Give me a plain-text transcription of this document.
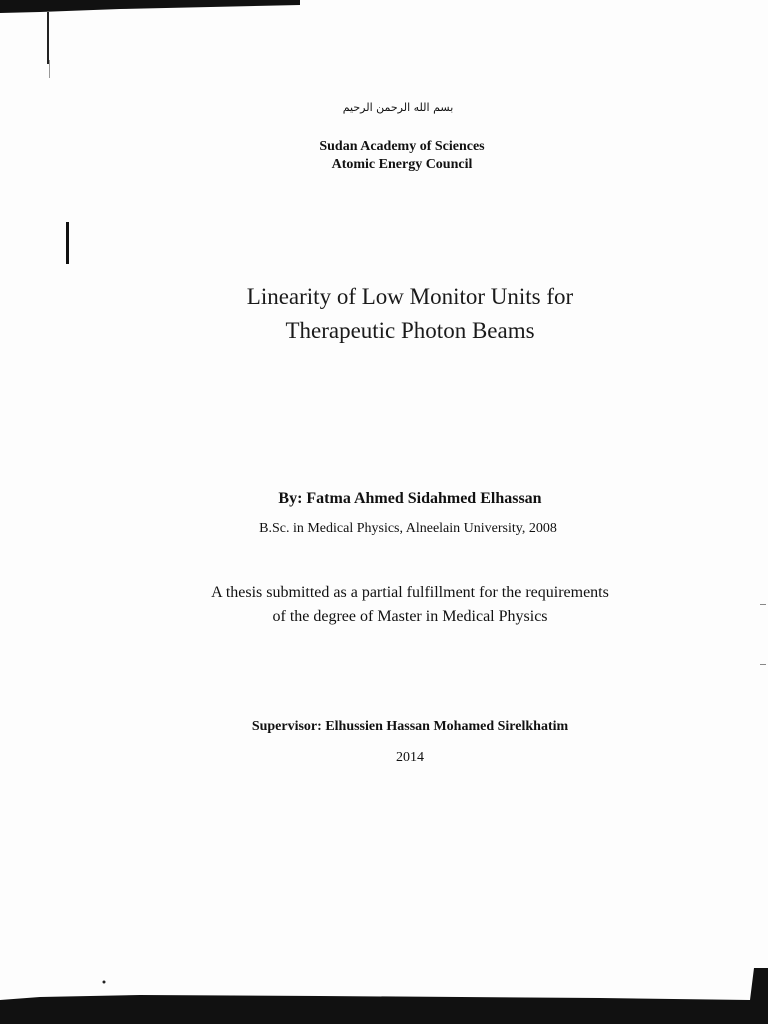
بسم الله الرحمن الرحيم
Sudan Academy of Sciences
Atomic Energy Council
Linearity of Low Monitor Units for
Therapeutic Photon Beams
By: Fatma Ahmed Sidahmed Elhassan
B.Sc. in Medical Physics, Alneelain University, 2008
A thesis submitted as a partial fulfillment for the requirements
of the degree of Master in Medical Physics
Supervisor: Elhussien Hassan Mohamed Sirelkhatim
2014
